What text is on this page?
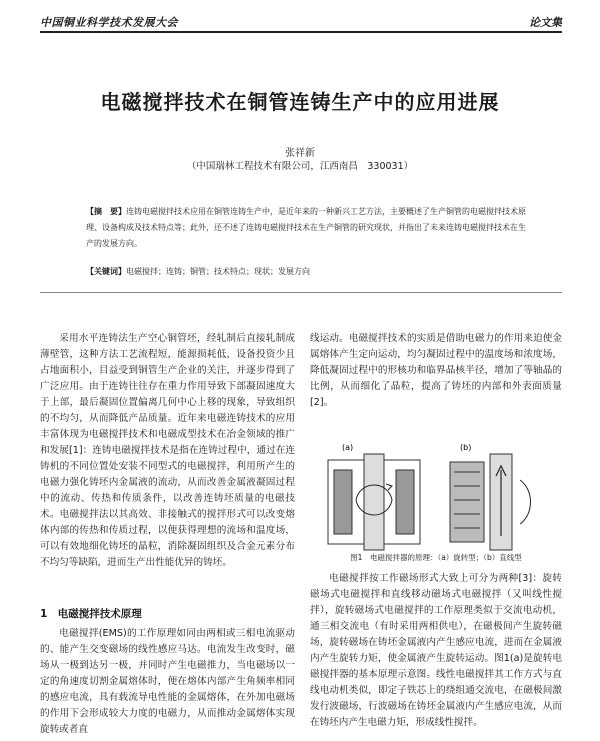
中国铜业科学技术发展大会	论文集
电磁搅拌技术在铜管连铸生产中的应用进展
张祥新
（中国瑞林工程技术有限公司，江西南昌　330031）
【摘　要】连铸电磁搅拌技术应用在铜管连铸生产中，是近年来的一种新兴工艺方法，主要概述了生产铜管的电磁搅拌技术原理、设备构成及技术特点等；此外，还不述了连铸电磁搅拌技术在生产铜管的研究现状，并指出了未来连铸电磁搅拌技术在生产的发展方向。
【关键词】电磁搅拌；连铸；铜管；技术特点；现状；发展方向

采用水平连铸法生产空心铜管坯，经轧制后直接轧制成薄壁管，这种方法工艺流程短，能源损耗低，设备投资少且占地面积小，目益受到铜管生产企业的关注，并逐步得到了广泛应用。由于连铸往往存在重力作用导致下部凝固速度大于上部，最后凝固位置偏离几何中心上移的现象，导致组织的不均匀，从而降低产品质量。近年来电磁连铸技术的应用丰富体现为电磁搅拌技术和电磁成型技术在冶金领域的推广和发展[1]：连铸电磁搅拌技术是指在连铸过程中，通过在连铸机的不同位置处安装不同型式的电磁搅拌，利用所产生的电磁力强化铸坯内金属液的流动，从而改善金属液凝固过程中的流动、传热和传质条件，以改善连铸坯质量的电磁技术。电磁搅拌法以其高效、非接触式的搅拌形式可以改变熔体内部的传热和传质过程，以便获得理想的流场和温度场，可以有效地细化铸坯的晶粒，消除凝固组织及合金元素分布不均匀等缺陷，进而生产出性能优异的铸坯。

1　电磁搅拌技术原理

电磁搅拌(EMS)的工作原理如同由两相或三相电流驱动的、能产生交变磁场的线性感应马达。电流发生改变时，磁场从一极到达另一极，并同时产生电磁推力，当电磁场以一定的角速度切割金属熔体时，便在熔体内部产生角频率相同的感应电流，具有载流导电性能的金属熔体，在外加电磁场的作用下会形成较大力度的电磁力，从而推动金属熔体实现旋转或者直

线运动。电磁搅拌技术的实质是借助电磁力的作用来迫使金属熔体产生定向运动，均匀凝固过程中的温度场和浓度场，降低凝固过程中的形核功和临界晶核半径，增加了等轴晶的比例，从而细化了晶粒，提高了铸坯的内部和外表面质量[2]。

(a)	(b)
图1　电磁搅拌器的原理：（a）旋转型；（b）直线型

电磁搅拌按工作磁场形式大致上可分为两种[3]：旋转磁场式电磁搅拌和直线移动磁场式电磁搅拌（又叫线性搅拌），旋转磁场式电磁搅拌的工作原理类似于交流电动机，通三相交流电（有时采用两相供电），在磁极间产生旋转磁场，旋转磁场在铸坯金属液内产生感应电流，进而在金属液内产生旋转力矩，使金属液产生旋转运动。图1(a)是旋转电磁搅拌器的基本原理示意图。线性电磁搅拌其工作方式与直线电动机类似，即定子铁芯上的绕组通交流电，在磁极间激发行波磁场，行波磁场在铸坯金属液内产生感应电流，从而在铸坯内产生电磁力矩，形成线性搅拌。
